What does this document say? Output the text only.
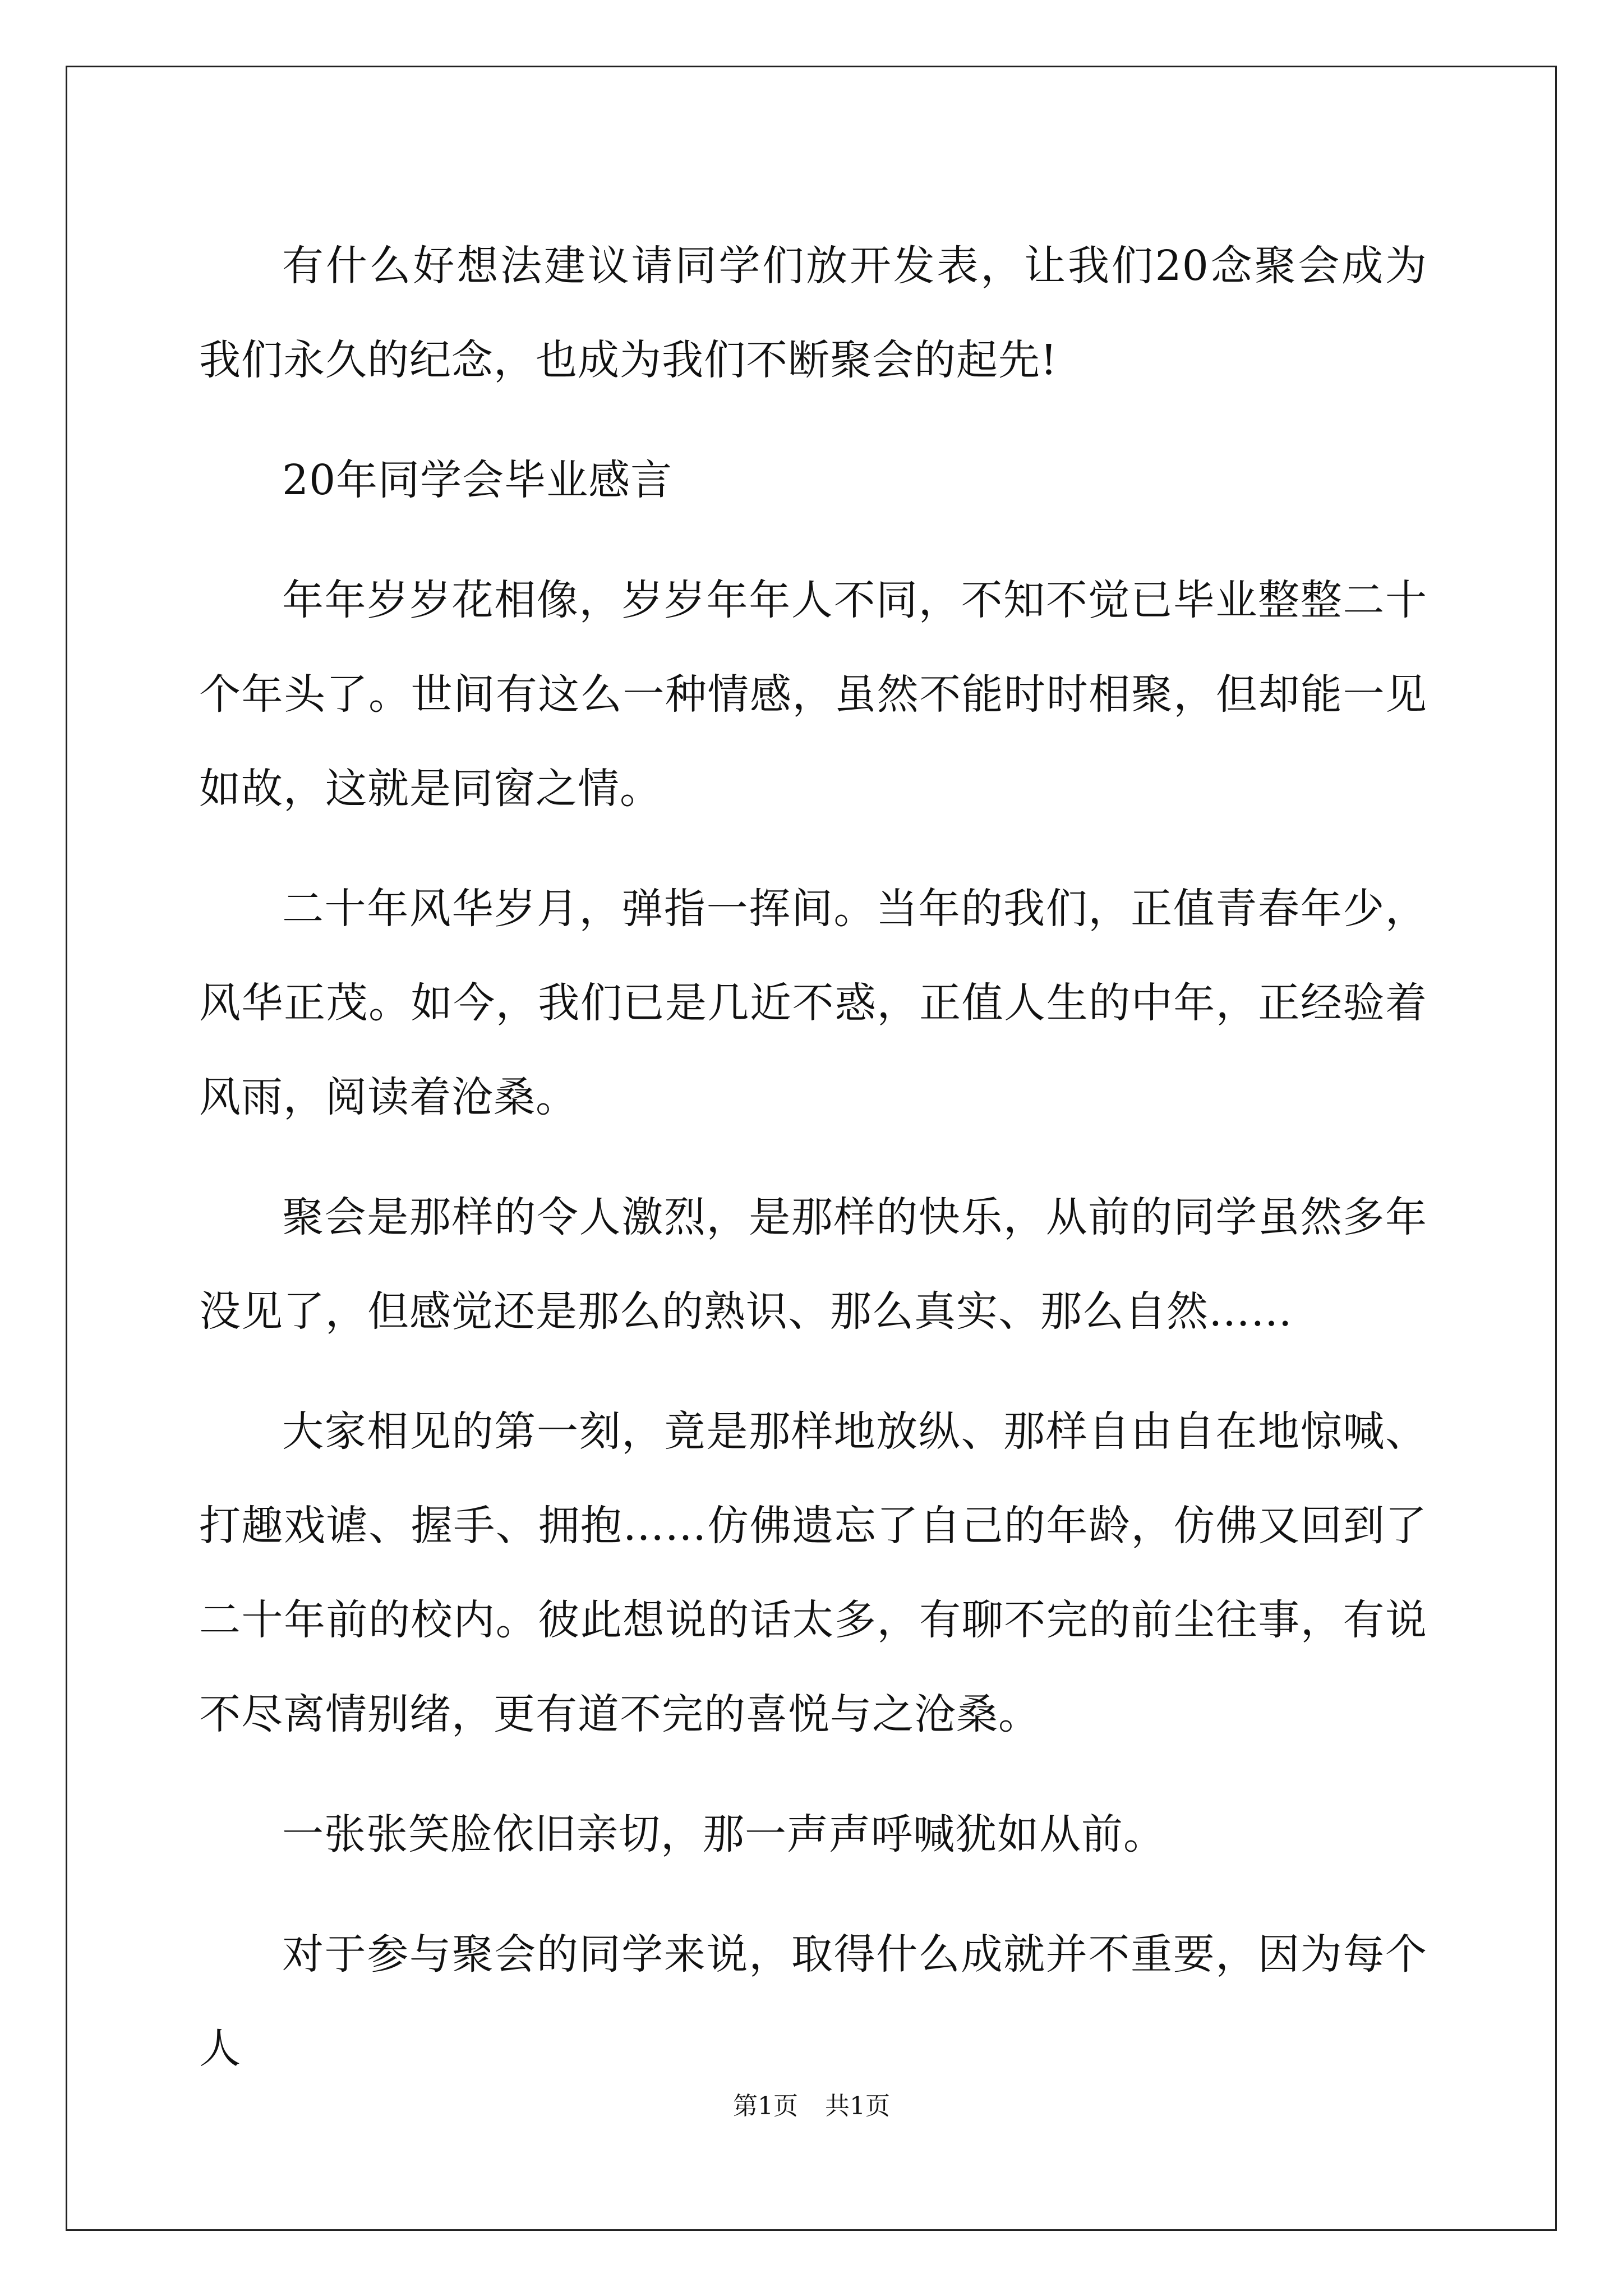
有什么好想法建议请同学们放开发表，让我们20念聚会成为我们永久的纪念，也成为我们不断聚会的起先!

20年同学会毕业感言

年年岁岁花相像，岁岁年年人不同，不知不觉已毕业整整二十个年头了。世间有这么一种情感，虽然不能时时相聚，但却能一见如故，这就是同窗之情。

二十年风华岁月，弹指一挥间。当年的我们，正值青春年少，风华正茂。如今，我们已是几近不惑，正值人生的中年，正经验着风雨，阅读着沧桑。

聚会是那样的令人激烈，是那样的快乐，从前的同学虽然多年没见了，但感觉还是那么的熟识、那么真实、那么自然……

大家相见的第一刻，竟是那样地放纵、那样自由自在地惊喊、打趣戏谑、握手、拥抱……仿佛遗忘了自己的年龄，仿佛又回到了二十年前的校内。彼此想说的话太多，有聊不完的前尘往事，有说不尽离情别绪，更有道不完的喜悦与之沧桑。

一张张笑脸依旧亲切，那一声声呼喊犹如从前。

对于参与聚会的同学来说，取得什么成就并不重要，因为每个人

第1页 共1页
